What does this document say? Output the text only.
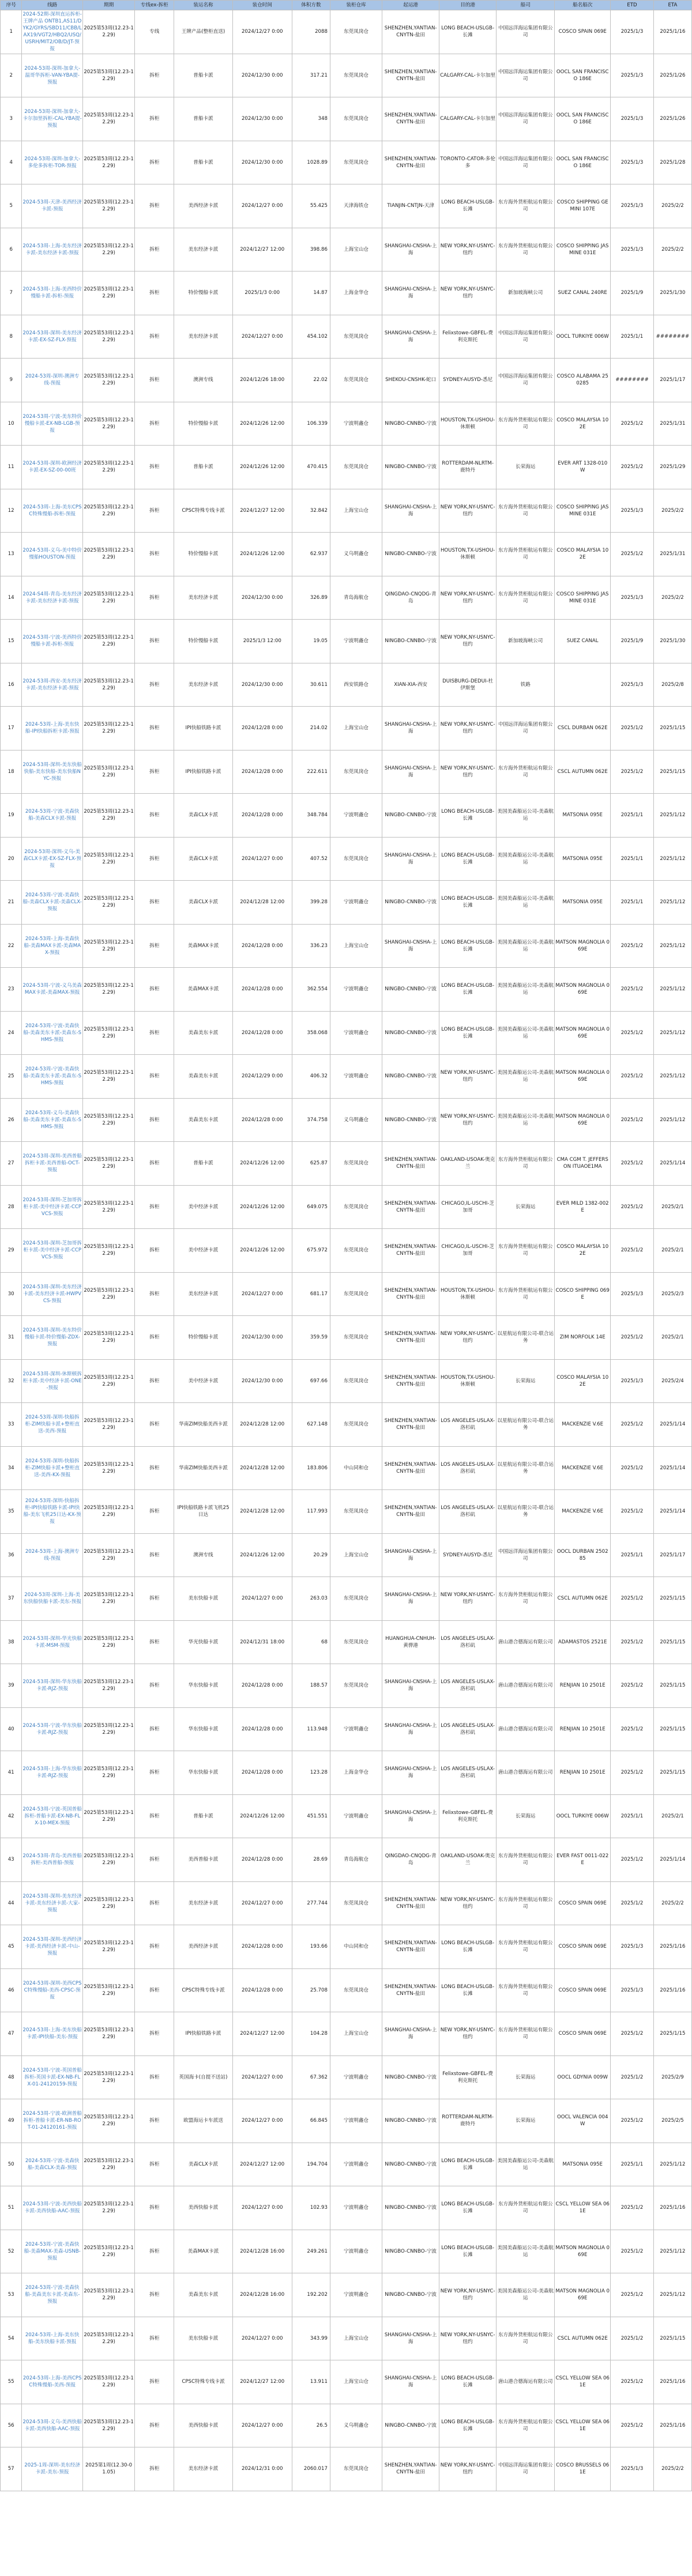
序号	线路	期期	专线ex-拆柜	装运名称	装仓时间	体积方数	装柜仓库	起运港	目的港	船司	船名船次	ETD	ETA

1	2024-52期-深圳直运拆柜-王牌产品 ONTB1,AS11/DYK2/GYRS/SBD11/CBB/LAX19/VGT2/HBQ2/USQ/USRH/MIT2/OB/D/JT-预报	2025第53周(12.23-12.29)	专线	王牌产品(整柜直送)	2024/12/27 0:00	2088	东莞凤岗仓	SHENZHEN,YANTIAN-CNYTN-盐田	LONG BEACH-USLGB-长滩	中国远洋海运集团有限公司	COSCO SPAIN 069E	2025/1/3	2025/1/16

2	2024-53周-深圳-加拿大-温哥华拆柜-VAN-YBA提-预报	2025第53周(12.23-12.29)	拆柜	普船卡派	2024/12/30 0:00	317.21	东莞凤岗仓	SHENZHEN,YANTIAN-CNYTN-盐田	CALGARY-CAL-卡尔加里	中国远洋海运集团有限公司	OOCL SAN FRANCISCO 186E	2025/1/3	2025/1/26

3	2024-53周-深圳-加拿大-卡尔加里拆柜-CAL-YBA提-预报	2025第53周(12.23-12.29)	拆柜	普船卡派	2024/12/30 0:00	348	东莞凤岗仓	SHENZHEN,YANTIAN-CNYTN-盐田	CALGARY-CAL-卡尔加里	中国远洋海运集团有限公司	OOCL SAN FRANCISCO 186E	2025/1/3	2025/1/26

4	2024-53周-深圳-加拿大-多伦多拆柜-TOR-预报	2025第53周(12.23-12.29)	拆柜	普船卡派	2024/12/30 0:00	1028.89	东莞凤岗仓	SHENZHEN,YANTIAN-CNYTN-盐田	TORONTO-CATOR-多伦多	中国远洋海运集团有限公司	OOCL SAN FRANCISCO 186E	2025/1/3	2025/1/28

5	2024-53周-天津-美西经济卡派-预报	2025第53周(12.23-12.29)	拆柜	美西经济卡派	2024/12/27 0:00	55.425	天津海铁仓	TIANJIN-CNTJN-天津	LONG BEACH-USLGB-长滩	东方海外货柜航运有限公司	COSCO SHIPPING GEMINI 107E	2025/1/3	2025/2/2

6	2024-53周-上海-美东经济卡派-美东经济卡派-预报	2025第53周(12.23-12.29)	拆柜	美东经济卡派	2024/12/27 12:00	398.86	上海宝山仓	SHANGHAI-CNSHA-上海	NEW YORK,NY-USNYC-纽约	东方海外货柜航运有限公司	COSCO SHIPPING JASMINE 031E	2025/1/3	2025/2/2

7	2024-53周-上海-美西特价慢船卡派-拆柜-预报	2025第53周(12.23-12.29)	拆柜	特价慢船卡派	2025/1/3 0:00	14.87	上海金华仓	SHANGHAI-CNSHA-上海	NEW YORK,NY-USNYC-纽约	新加坡海峡公司	SUEZ CANAL 240RE	2025/1/9	2025/1/30

8	2024-53周-深圳-美东经济卡派-EX-SZ-FLX-预报	2025第53周(12.23-12.29)	拆柜	美东经济卡派	2024/12/27 0:00	454.102	东莞凤岗仓	SHANGHAI-CNSHA-上海	Felixstowe-GBFEL-费利克斯托	中国远洋海运集团有限公司	OOCL TURKIYE 006W	2025/1/1	########

9	2024-53周-深圳-澳洲专线-预报	2025第53周(12.23-12.29)	拆柜	澳洲专线	2024/12/26 18:00	22.02	东莞凤岗仓	SHEKOU-CNSHK-蛇口	SYDNEY-AUSYD-悉尼	中国远洋海运集团有限公司	COSCO ALABAMA 250285	########	2025/1/17

10	2024-53周-宁波-美东特价慢船卡派-EX-NB-LGB-预报	2025第53周(12.23-12.29)	拆柜	特价慢船卡派	2024/12/26 12:00	106.339	宁波明鑫仓	NINGBO-CNNBO-宁波	HOUSTON,TX-USHOU-休斯顿	东方海外货柜航运有限公司	COSCO MALAYSIA 102E	2025/1/2	2025/1/31

11	2024-53周-深圳-欧洲经济卡派-EX-SZ-00-00班	2025第53周(12.23-12.29)	拆柜	普船卡派	2024/12/26 12:00	470.415	东莞凤岗仓	NINGBO-CNNBO-宁波	ROTTERDAM-NLRTM-鹿特丹	长荣海运	EVER ART 1328-010W	2025/1/2	2025/1/29

12	2024-53周-上海-美东CPSC特殊慢船-拆柜-预报	2025第53周(12.23-12.29)	拆柜	CPSC特殊专线卡派	2024/12/27 12:00	32.842	上海宝山仓	SHANGHAI-CNSHA-上海	NEW YORK,NY-USNYC-纽约	东方海外货柜航运有限公司	COSCO SHIPPING JASMINE 031E	2025/1/3	2025/2/2

13	2024-53周-义乌-美中特价慢船HOUSTON-预报	2025第53周(12.23-12.29)	拆柜	特价慢船卡派	2024/12/26 12:00	62.937	义乌明鑫仓	NINGBO-CNNBO-宁波	HOUSTON,TX-USHOU-休斯顿	东方海外货柜航运有限公司	COSCO MALAYSIA 102E	2025/1/2	2025/1/31

14	2024-S4周-青岛-美东经济卡派-美东经济卡派-预报	2025第53周(12.23-12.29)	拆柜	美东经济卡派	2024/12/30 0:00	326.89	青岛海航仓	QINGDAO-CNQDG-青岛	NEW YORK,NY-USNYC-纽约	东方海外货柜航运有限公司	COSCO SHIPPING JASMINE 031E	2025/1/3	2025/2/2

15	2024-53周-宁波-美西特价慢船卡派-拆柜-预报	2025第53周(12.23-12.29)	拆柜	特价慢船卡派	2025/1/3 12:00	19.05	宁波明鑫仓	NINGBO-CNNBO-宁波	NEW YORK,NY-USNYC-纽约	新加坡海峡公司	SUEZ CANAL	2025/1/9	2025/1/30

16	2024-53周-西安-美东经济卡派-美东经济卡派-预报	2025第53周(12.23-12.29)	拆柜	美东经济卡派	2024/12/30 0:00	30.611	西安铁路仓	XIAN-XIA-西安	DUISBURG-DEDUI-杜伊斯堡	铁路		2025/1/3	2025/2/8

17	2024-53周-上海-美东快船-IPI快船拆柜卡派-预报	2025第53周(12.23-12.29)	拆柜	IPI快船铁路卡派	2024/12/28 0:00	214.02	上海宝山仓	SHANGHAI-CNSHA-上海	NEW YORK,NY-USNYC-纽约	中国远洋海运集团有限公司	CSCL DURBAN 062E	2025/1/2	2025/1/15

18	2024-53周-深圳-美东快船快船-美东快船-美东快船NYC-预报	2025第53周(12.23-12.29)	拆柜	IPI快船铁路卡派	2024/12/28 0:00	222.611	东莞凤岗仓	SHANGHAI-CNSHA-上海	NEW YORK,NY-USNYC-纽约	东方海外货柜航运有限公司	CSCL AUTUMN 062E	2025/1/2	2025/1/15

19	2024-53周-宁波-美森快船-美森CLX卡派-预报	2025第53周(12.23-12.29)	拆柜	美森CLX卡派	2024/12/28 0:00	348.784	宁波明鑫仓	NINGBO-CNNBO-宁波	LONG BEACH-USLGB-长滩	美国美森船运公司-美森航运	MATSONIA 095E	2025/1/1	2025/1/12

20	2024-53周-深圳-义乌-美森CLX卡派-EX-SZ-FLX-预报	2025第53周(12.23-12.29)	拆柜	美森CLX卡派	2024/12/27 0:00	407.52	东莞凤岗仓	SHANGHAI-CNSHA-上海	LONG BEACH-USLGB-长滩	美国美森船运公司-美森航运	MATSONIA 095E	2025/1/1	2025/1/12

21	2024-53周-宁波-美森快船-美森CLX卡派-美森CLX-预报	2025第53周(12.23-12.29)	拆柜	美森CLX卡派	2024/12/28 12:00	399.28	宁波明鑫仓	NINGBO-CNNBO-宁波	LONG BEACH-USLGB-长滩	美国美森船运公司-美森航运	MATSONIA 095E	2025/1/1	2025/1/12

22	2024-53周-上海-美森快船-美森MAX卡派-美森MAX-预报	2025第53周(12.23-12.29)	拆柜	美森MAX卡派	2024/12/28 0:00	336.23	上海宝山仓	SHANGHAI-CNSHA-上海	LONG BEACH-USLGB-长滩	美国美森船运公司-美森航运	MATSON MAGNOLIA 069E	2025/1/2	2025/1/12

23	2024-53周-宁波-义乌美森MAX卡派-美森MAX-预报	2025第53周(12.23-12.29)	拆柜	美森MAX卡派	2024/12/28 0:00	362.554	宁波明鑫仓	NINGBO-CNNBO-宁波	LONG BEACH-USLGB-长滩	美国美森船运公司-美森航运	MATSON MAGNOLIA 069E	2025/1/2	2025/1/12

24	2024-53周-宁波-美森快船-美森美东卡派-美森东-SHMS-预报	2025第53周(12.23-12.29)	拆柜	美森美东卡派	2024/12/28 0:00	358.068	宁波明鑫仓	NINGBO-CNNBO-宁波	LONG BEACH-USLGB-长滩	美国美森船运公司-美森航运	MATSON MAGNOLIA 069E	2025/1/2	2025/1/12

25	2024-53周-宁波-美森快船-美森美东卡派-美森东-SHMS-预报	2025第53周(12.23-12.29)	拆柜	美森美东卡派	2024/12/29 0:00	406.32	宁波明鑫仓	NINGBO-CNNBO-宁波	NEW YORK,NY-USNYC-纽约	美国美森船运公司-美森航运	MATSON MAGNOLIA 069E	2025/1/2	2025/1/12

26	2024-53周-义乌-美森快船-美森美东卡派-美森东-SHMS-预报	2025第53周(12.23-12.29)	拆柜	美森美东卡派	2024/12/28 0:00	374.758	义乌明鑫仓	NINGBO-CNNBO-宁波	NEW YORK,NY-USNYC-纽约	美国美森船运公司-美森航运	MATSON MAGNOLIA 069E	2025/1/2	2025/1/12

27	2024-53周-深圳-美西普船拆柜卡派-美西普船-OCT-预报	2025第53周(12.23-12.29)	拆柜	普船卡派	2024/12/26 12:00	625.87	东莞凤岗仓	SHENZHEN,YANTIAN-CNYTN-盐田	OAKLAND-USOAK-奥克兰	东方海外货柜航运有限公司	CMA CGM T. JEFFERSON ITUAOE1MA	2025/1/2	2025/1/14

28	2024-53周-深圳-芝加哥拆柜卡派-美中经济卡派-CCPVCS-预报	2025第53周(12.23-12.29)	拆柜	美中经济卡派	2024/12/26 12:00	649.075	东莞凤岗仓	SHENZHEN,YANTIAN-CNYTN-盐田	CHICAGO,IL-USCHI-芝加哥	长荣海运	EVER MILD 1382-002E	2025/1/2	2025/2/1

29	2024-53周-深圳-芝加哥拆柜卡派-美中经济卡派-CCPVCS-预报	2025第53周(12.23-12.29)	拆柜	美中经济卡派	2024/12/26 12:00	675.972	东莞凤岗仓	SHENZHEN,YANTIAN-CNYTN-盐田	CHICAGO,IL-USCHI-芝加哥	东方海外货柜航运有限公司	COSCO MALAYSIA 102E	2025/1/2	2025/2/1

30	2024-53周-深圳-美东经济卡派-美东经济卡派-HWPVCS-预报	2025第53周(12.23-12.29)	拆柜	美东经济卡派	2024/12/27 0:00	681.17	东莞凤岗仓	SHENZHEN,YANTIAN-CNYTN-盐田	HOUSTON,TX-USHOU-休斯顿	东方海外货柜航运有限公司	COSCO SHIPPING 069E	2025/1/3	2025/2/3

31	2024-53周-深圳-美东特价慢船卡派-特价慢船-ZDX-预报	2025第53周(12.23-12.29)	拆柜	特价慢船卡派	2024/12/30 0:00	359.59	东莞凤岗仓	SHENZHEN,YANTIAN-CNYTN-盐田	NEW YORK,NY-USNYC-纽约	以星航运有限公司-联合运务	ZIM NORFOLK 14E	2025/1/2	2025/2/1

32	2024-53周-深圳-休斯顿拆柜卡派-美中经济卡派-ONE-预报	2025第53周(12.23-12.29)	拆柜	美中经济卡派	2024/12/30 0:00	697.66	东莞凤岗仓	SHENZHEN,YANTIAN-CNYTN-盐田	HOUSTON,TX-USHOU-休斯顿	长荣海运	COSCO MALAYSIA 102E	2025/1/3	2025/2/4

33	2024-53周-深圳-快船拆柜-ZIM快船卡派+整柜直送-美西-预报	2025第53周(12.23-12.29)	拆柜	华南ZIM快船美西卡派	2024/12/28 12:00	627.148	东莞凤岗仓	SHENZHEN,YANTIAN-CNYTN-盐田	LOS ANGELES-USLAX-洛杉矶	以星航运有限公司-联合运务	MACKENZIE V.6E	2025/1/2	2025/1/14

34	2024-53周-深圳-快船拆柜-ZIM快船卡派+整柜直送-美西-KX-预报	2025第53周(12.23-12.29)	拆柜	华南ZIM快船美西卡派	2024/12/28 12:00	183.806	中山同和仓	SHENZHEN,YANTIAN-CNYTN-盐田	LOS ANGELES-USLAX-洛杉矶	以星航运有限公司-联合运务	MACKENZIE V.6E	2025/1/2	2025/1/14

35	2024-53周-深圳-快船拆柜-IPI快船铁路卡派-IPI快船-美东飞机25日达-KX-预报	2025第53周(12.23-12.29)	拆柜	IPI快船铁路卡派飞机25日达	2024/12/28 12:00	117.993	东莞凤岗仓	SHENZHEN,YANTIAN-CNYTN-盐田	LOS ANGELES-USLAX-洛杉矶	以星航运有限公司-联合运务	MACKENZIE V.6E	2025/1/2	2025/1/14

36	2024-53周-上海-澳洲专线-预报	2025第53周(12.23-12.29)	拆柜	澳洲专线	2024/12/26 12:00	20.29	上海宝山仓	SHANGHAI-CNSHA-上海	SYDNEY-AUSYD-悉尼	中国远洋海运集团有限公司	OOCL DURBAN 250285	2025/1/1	2025/1/17

37	2024-53周-深圳-上海-美东快船快船卡派-美东-预报	2025第53周(12.23-12.29)	拆柜	美东快船卡派	2024/12/27 0:00	263.03	东莞凤岗仓	SHANGHAI-CNSHA-上海	NEW YORK,NY-USNYC-纽约	东方海外货柜航运有限公司	CSCL AUTUMN 062E	2025/1/2	2025/1/15

38	2024-53周-深圳-华光快船卡派-MSM-预报	2025第53周(12.23-12.29)	拆柜	华光快船卡派	2024/12/31 18:00	68	东莞凤岗仓	HUANGHUA-CNHUH-黄骅港	LOS ANGELES-USLAX-洛杉矶	唐山港合德海运有限公司	ADAMASTOS 2521E	2025/1/2	2025/1/15

39	2024-53周-深圳-华东快船卡派-RJZ-预报	2025第53周(12.23-12.29)	拆柜	华东快船卡派	2024/12/28 0:00	188.57	东莞凤岗仓	SHANGHAI-CNSHA-上海	LOS ANGELES-USLAX-洛杉矶	唐山港合德海运有限公司	RENJIAN 10 2501E	2025/1/2	2025/1/15

40	2024-53周-宁波-华东快船卡派-RJZ-预报	2025第53周(12.23-12.29)	拆柜	华东快船卡派	2024/12/28 0:00	113.948	宁波明鑫仓	SHANGHAI-CNSHA-上海	LOS ANGELES-USLAX-洛杉矶	唐山港合德海运有限公司	RENJIAN 10 2501E	2025/1/2	2025/1/15

41	2024-53周-上海-华东快船卡派-RJZ-预报	2025第53周(12.23-12.29)	拆柜	华东快船卡派	2024/12/28 0:00	123.28	上海金华仓	SHANGHAI-CNSHA-上海	LOS ANGELES-USLAX-洛杉矶	唐山港合德海运有限公司	RENJIAN 10 2501E	2025/1/2	2025/1/15

42	2024-53周-宁波-英国普船拆柜-普船卡派-EX-NB-FLX-10-MEX-预报	2025第53周(12.23-12.29)	拆柜	普船卡派	2024/12/26 12:00	451.551	宁波明鑫仓	SHANGHAI-CNSHA-上海	Felixstowe-GBFEL-费利克斯托	长荣海运	OOCL TURKIYE 006W	2025/1/1	2025/2/1

43	2024-53周-青岛-美西普船拆柜-美西普船-预报	2025第53周(12.23-12.29)	拆柜	美西普船卡派	2024/12/28 0:00	28.69	青岛海航仓	QINGDAO-CNQDG-青岛	OAKLAND-USOAK-奥克兰	东方海外货柜航运有限公司	EVER FAST 0011-022E	2025/1/2	2025/1/14

44	2024-53周-深圳-美东经济卡派-美东经济卡派-大家-预报	2025第53周(12.23-12.29)	拆柜	美东经济卡派	2024/12/27 0:00	277.744	东莞凤岗仓	SHENZHEN,YANTIAN-CNYTN-盐田	NEW YORK,NY-USNYC-纽约	东方海外货柜航运有限公司	COSCO SPAIN 069E	2025/1/2	2025/2/2

45	2024-53周-深圳-美西经济卡派-美西经济卡派-中山-预报	2025第53周(12.23-12.29)	拆柜	美西经济卡派	2024/12/28 0:00	193.66	中山同和仓	SHENZHEN,YANTIAN-CNYTN-盐田	LONG BEACH-USLGB-长滩	东方海外货柜航运有限公司	COSCO SPAIN 069E	2025/1/3	2025/1/16

46	2024-53周-深圳-美西CPSC特殊慢船-美西-CPSC-预报	2025第53周(12.23-12.29)	拆柜	CPSC特殊专线卡派	2024/12/28 0:00	25.708	东莞凤岗仓	SHENZHEN,YANTIAN-CNYTN-盐田	LONG BEACH-USLGB-长滩	东方海外货柜航运有限公司	COSCO SPAIN 069E	2025/1/3	2025/1/16

47	2024-53周-上海-美东快船卡派-IPI快船-美东-预报	2025第53周(12.23-12.29)	拆柜	IPI快船铁路卡派	2024/12/27 12:00	104.28	上海宝山仓	SHANGHAI-CNSHA-上海	NEW YORK,NY-USNYC-纽约	东方海外货柜航运有限公司	COSCO SPAIN 069E	2025/1/2	2025/1/15

48	2024-53周-宁波-英国普船拆柜-英国卡派-EX-NB-FLX-01-24120159-预报	2025第53周(12.23-12.29)	拆柜	英国海卡(自提不送站)	2024/12/27 0:00	67.362	宁波明鑫仓	NINGBO-CNNBO-宁波	Felixstowe-GBFEL-费利克斯托	长荣海运	OOCL GDYNIA 009W	2025/1/2	2025/2/9

49	2024-53周-宁波-欧洲普船拆柜-普船卡派-ER-NB-ROT-01-24120161-预报	2025第53周(12.23-12.29)	拆柜	欧盟海运卡车派送	2024/12/27 0:00	66.845	宁波明鑫仓	NINGBO-CNNBO-宁波	ROTTERDAM-NLRTM-鹿特丹	长荣海运	OOCL VALENCIA 004W	2025/1/2	2025/2/5

50	2024-53周-宁波-美森快船-美森CLX-美森-预报	2025第53周(12.23-12.29)	拆柜	美森CLX卡派	2024/12/27 12:00	194.704	宁波明鑫仓	NINGBO-CNNBO-宁波	LONG BEACH-USLGB-长滩	美国美森船运公司-美森航运	MATSONIA 095E	2025/1/1	2025/1/12

51	2024-53周-宁波-美西快船卡派-美西快船-AAC-预报	2025第53周(12.23-12.29)	拆柜	美西快船卡派	2024/12/27 0:00	102.93	宁波明鑫仓	NINGBO-CNNBO-宁波	LONG BEACH-USLGB-长滩	东方海外货柜航运有限公司	CSCL YELLOW SEA 061E	2025/1/2	2025/1/16

52	2024-53周-宁波-美森快船-美森MAX-美森-USNB-预报	2025第53周(12.23-12.29)	拆柜	美森MAX卡派	2024/12/28 16:00	249.261	宁波明鑫仓	NINGBO-CNNBO-宁波	LONG BEACH-USLGB-长滩	美国美森船运公司-美森航运	MATSON MAGNOLIA 069E	2025/1/2	2025/1/12

53	2024-53周-宁波-美森快船-美森美东卡派-美森东-预报	2025第53周(12.23-12.29)	拆柜	美森美东卡派	2024/12/28 16:00	192.202	宁波明鑫仓	NINGBO-CNNBO-宁波	NEW YORK,NY-USNYC-纽约	美国美森船运公司-美森航运	MATSON MAGNOLIA 069E	2025/1/2	2025/1/12

54	2024-53周-上海-美东快船-美东快船卡派-预报	2025第53周(12.23-12.29)	拆柜	美东快船卡派	2024/12/27 0:00	343.99	上海宝山仓	SHANGHAI-CNSHA-上海	NEW YORK,NY-USNYC-纽约	东方海外货柜航运有限公司	CSCL AUTUMN 062E	2025/1/2	2025/1/15

55	2024-53周-上海-美西CPSC特殊慢船-美西-预报	2025第53周(12.23-12.29)	拆柜	CPSC特殊专线卡派	2024/12/27 12:00	13.911	上海宝山仓	SHANGHAI-CNSHA-上海	LONG BEACH-USLGB-长滩	唐山港合德海运有限公司	CSCL YELLOW SEA 061E	2025/1/2	2025/1/16

56	2024-53周-义乌-美西快船卡派-美西快船-AAC-预报	2025第53周(12.23-12.29)	拆柜	美西快船卡派	2024/12/27 0:00	26.5	义乌明鑫仓	NINGBO-CNNBO-宁波	LONG BEACH-USLGB-长滩	东方海外货柜航运有限公司	CSCL YELLOW SEA 061E	2025/1/2	2025/1/16

57	2025-1周-深圳-美东经济卡派-美东-预报	2025第1周(12.30-01.05)	拆柜	美东经济卡派	2024/12/31 0:00	2060.017	东莞凤岗仓	SHENZHEN,YANTIAN-CNYTN-盐田	NEW YORK,NY-USNYC-纽约	中国远洋海运集团有限公司	COSCO BRUSSELS 061E	2025/1/3	2025/2/2
